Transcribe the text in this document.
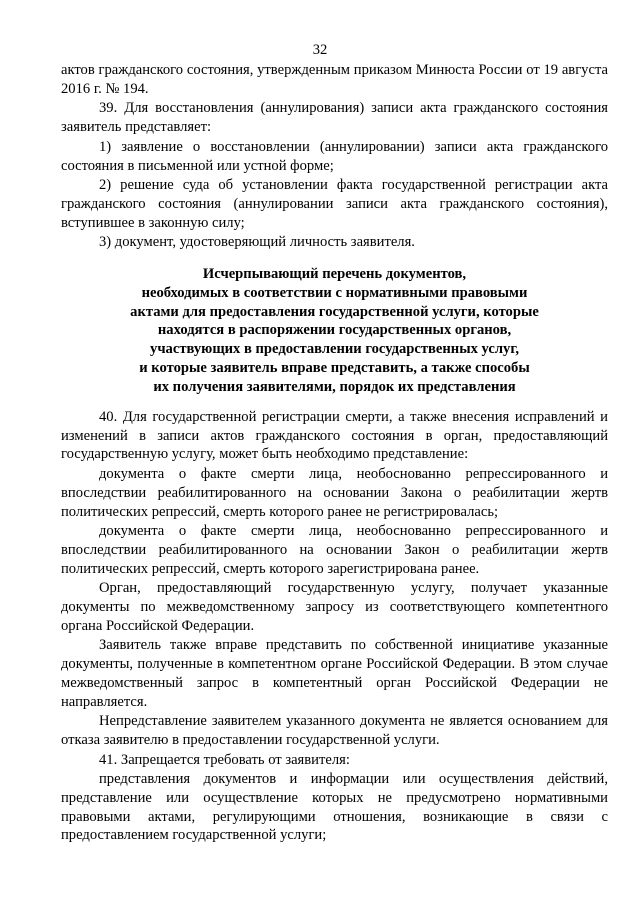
32

актов гражданского состояния, утвержденным приказом Минюста России от 19 августа 2016 г. № 194.

39. Для восстановления (аннулирования) записи акта гражданского состояния заявитель представляет:

1) заявление о восстановлении (аннулировании) записи акта гражданского состояния в письменной или устной форме;

2) решение суда об установлении факта государственной регистрации акта гражданского состояния (аннулировании записи акта гражданского состояния), вступившее в законную силу;

3) документ, удостоверяющий личность заявителя.

Исчерпывающий перечень документов,
необходимых в соответствии с нормативными правовыми
актами для предоставления государственной услуги, которые
находятся в распоряжении государственных органов,
участвующих в предоставлении государственных услуг,
и которые заявитель вправе представить, а также способы
их получения заявителями, порядок их представления

40. Для государственной регистрации смерти, а также внесения исправлений и изменений в записи актов гражданского состояния в орган, предоставляющий государственную услугу, может быть необходимо представление:

документа о факте смерти лица, необоснованно репрессированного и впоследствии реабилитированного на основании Закона о реабилитации жертв политических репрессий, смерть которого ранее не регистрировалась;

документа о факте смерти лица, необоснованно репрессированного и впоследствии реабилитированного на основании Закон о реабилитации жертв политических репрессий, смерть которого зарегистрирована ранее.

Орган, предоставляющий государственную услугу, получает указанные документы по межведомственному запросу из соответствующего компетентного органа Российской Федерации.

Заявитель также вправе представить по собственной инициативе указанные документы, полученные в компетентном органе Российской Федерации. В этом случае межведомственный запрос в компетентный орган Российской Федерации не направляется.

Непредставление заявителем указанного документа не является основанием для отказа заявителю в предоставлении государственной услуги.

41. Запрещается требовать от заявителя:

представления документов и информации или осуществления действий, представление или осуществление которых не предусмотрено нормативными правовыми актами, регулирующими отношения, возникающие в связи с предоставлением государственной услуги;
